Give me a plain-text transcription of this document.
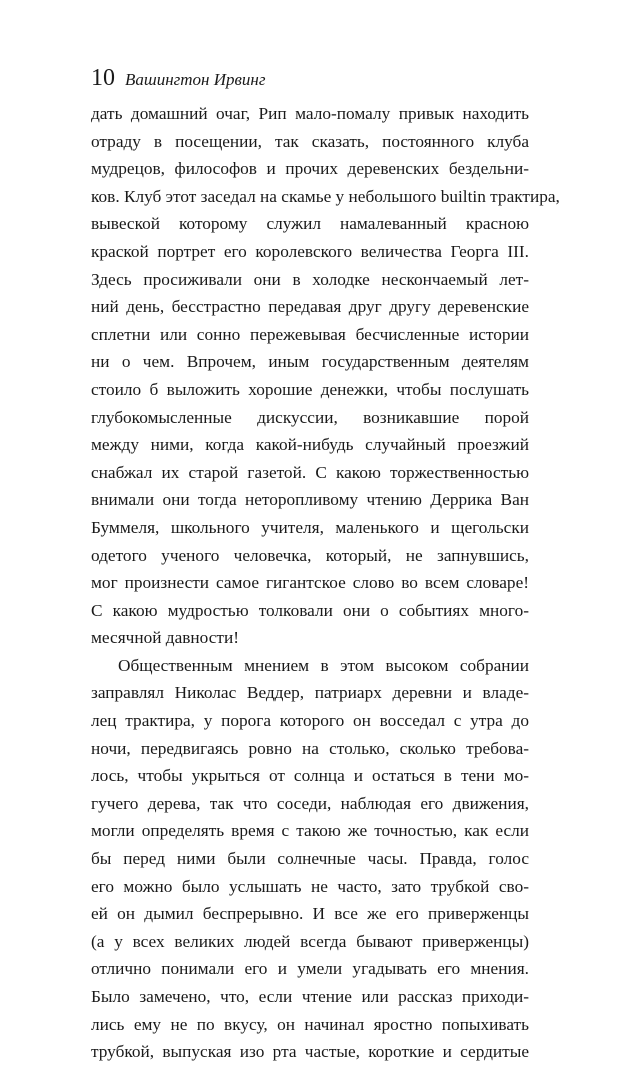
10 Вашингтон Ирвинг
дать домашний очаг, Рип мало-помалу привык находить
отраду в посещении, так сказать, постоянного клуба
мудрецов, философов и прочих деревенских бездельни-
ков. Клуб этот заседал на скамье у небольшого builtin трактира,
вывеской которому служил намалеванный красною
краской портрет его королевского величества Георга III.
Здесь просиживали они в холодке нескончаемый лет-
ний день, бесстрастно передавая друг другу деревенские
сплетни или сонно пережевывая бесчисленные истории
ни о чем. Впрочем, иным государственным деятелям
стоило б выложить хорошие денежки, чтобы послушать
глубокомысленные дискуссии, возникавшие порой
между ними, когда какой-нибудь случайный проезжий
снабжал их старой газетой. С какою торжественностью
внимали они тогда неторопливому чтению Деррика Ван
Буммеля, школьного учителя, маленького и щегольски
одетого ученого человечка, который, не запнувшись,
мог произнести самое гигантское слово во всем словаре!
С какою мудростью толковали они о событиях много-
месячной давности!
Общественным мнением в этом высоком собрании
заправлял Николас Веддер, патриарх деревни и владе-
лец трактира, у порога которого он восседал с утра до
ночи, передвигаясь ровно на столько, сколько требова-
лось, чтобы укрыться от солнца и остаться в тени мо-
гучего дерева, так что соседи, наблюдая его движения,
могли определять время с такою же точностью, как если
бы перед ними были солнечные часы. Правда, голос
его можно было услышать не часто, зато трубкой сво-
ей он дымил беспрерывно. И все же его приверженцы
(а у всех великих людей всегда бывают приверженцы)
отлично понимали его и умели угадывать его мнения.
Было замечено, что, если чтение или рассказ приходи-
лись ему не по вкусу, он начинал яростно попыхивать
трубкой, выпуская изо рта частые, короткие и сердитые
